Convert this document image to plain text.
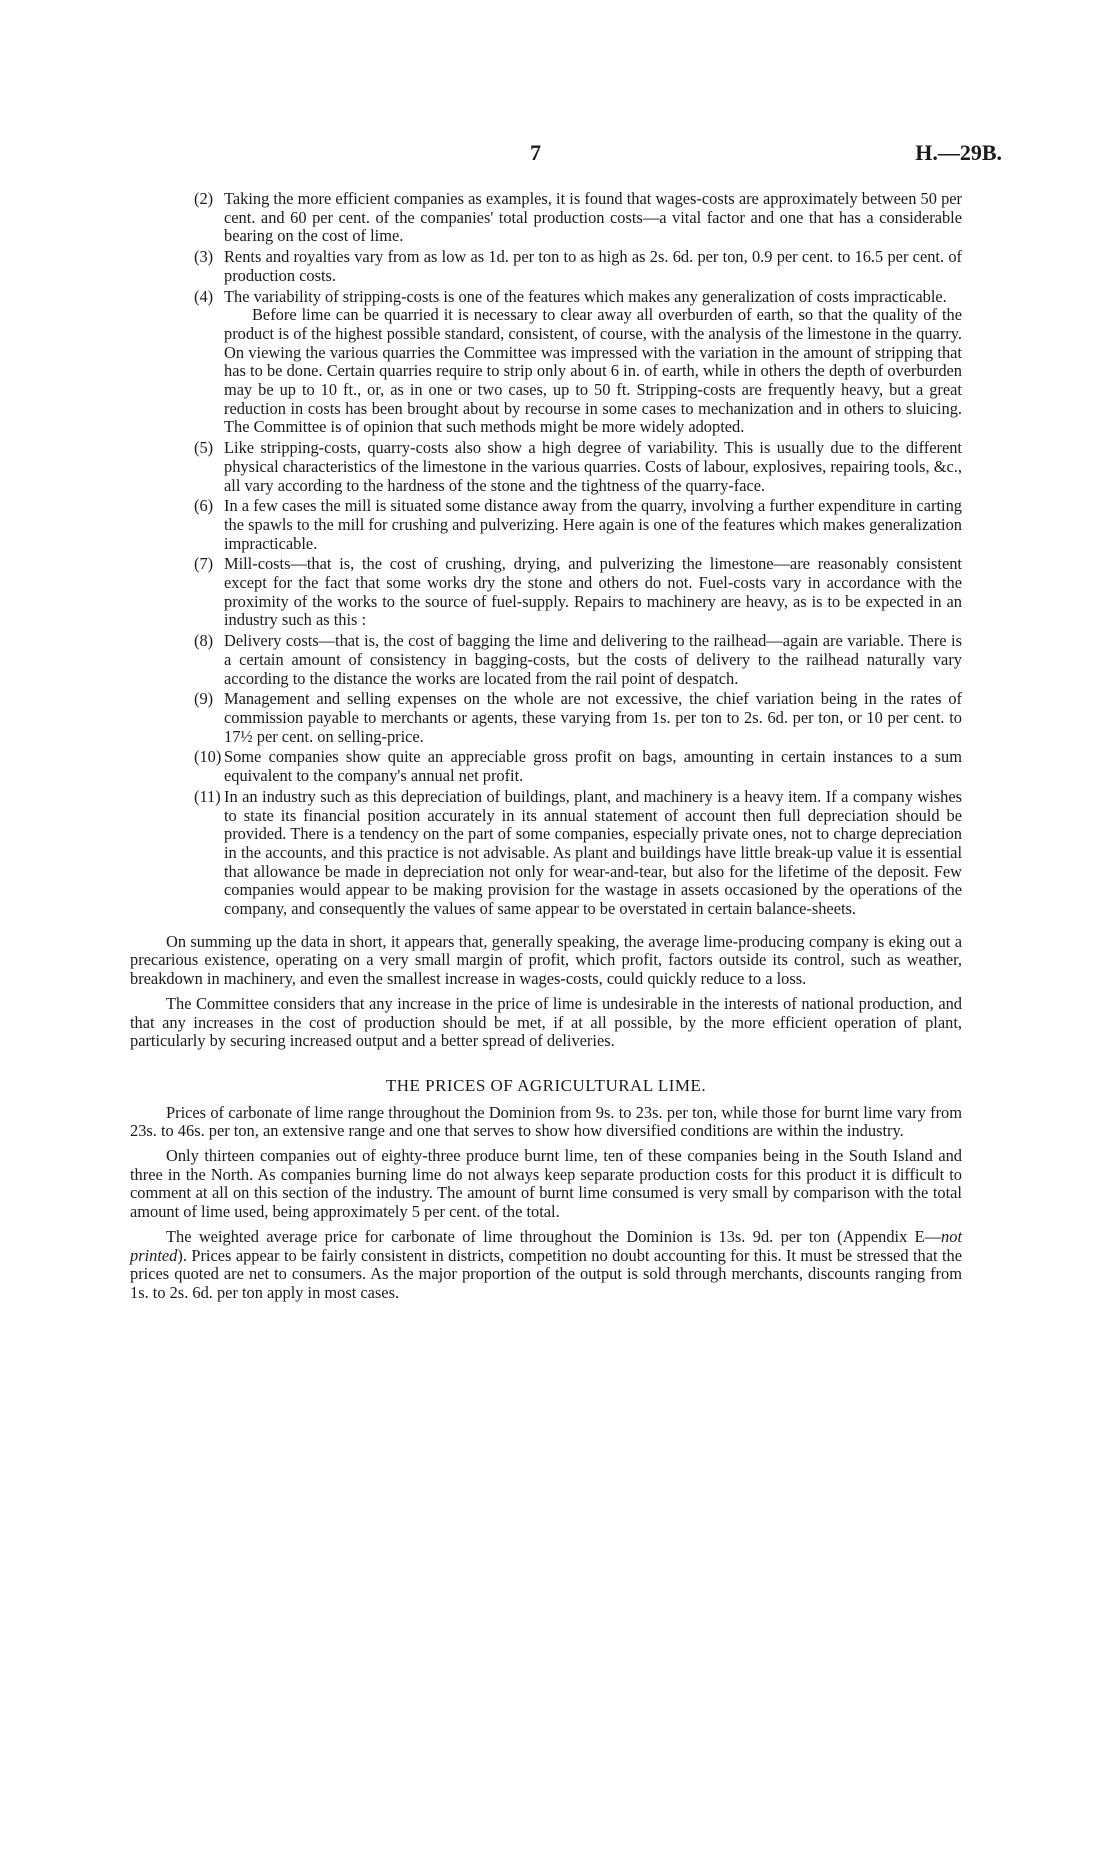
7	H.—29B.
(2) Taking the more efficient companies as examples, it is found that wages-costs are approximately between 50 per cent. and 60 per cent. of the companies' total production costs—a vital factor and one that has a considerable bearing on the cost of lime.

(3) Rents and royalties vary from as low as 1d. per ton to as high as 2s. 6d. per ton, 0.9 per cent. to 16.5 per cent. of production costs.

(4) The variability of stripping-costs is one of the features which makes any generalization of costs impracticable.

Before lime can be quarried it is necessary to clear away all overburden of earth, so that the quality of the product is of the highest possible standard, consistent, of course, with the analysis of the limestone in the quarry. On viewing the various quarries the Committee was impressed with the variation in the amount of stripping that has to be done. Certain quarries require to strip only about 6 in. of earth, while in others the depth of overburden may be up to 10 ft., or, as in one or two cases, up to 50 ft. Stripping-costs are frequently heavy, but a great reduction in costs has been brought about by recourse in some cases to mechanization and in others to sluicing. The Committee is of opinion that such methods might be more widely adopted.

(5) Like stripping-costs, quarry-costs also show a high degree of variability. This is usually due to the different physical characteristics of the limestone in the various quarries. Costs of labour, explosives, repairing tools, &c., all vary according to the hardness of the stone and the tightness of the quarry-face.

(6) In a few cases the mill is situated some distance away from the quarry, involving a further expenditure in carting the spawls to the mill for crushing and pulverizing. Here again is one of the features which makes generalization impracticable.

(7) Mill-costs—that is, the cost of crushing, drying, and pulverizing the limestone—are reasonably consistent except for the fact that some works dry the stone and others do not. Fuel-costs vary in accordance with the proximity of the works to the source of fuel-supply. Repairs to machinery are heavy, as is to be expected in an industry such as this :

(8) Delivery costs—that is, the cost of bagging the lime and delivering to the railhead—again are variable. There is a certain amount of consistency in bagging-costs, but the costs of delivery to the railhead naturally vary according to the distance the works are located from the rail point of despatch.

(9) Management and selling expenses on the whole are not excessive, the chief variation being in the rates of commission payable to merchants or agents, these varying from 1s. per ton to 2s. 6d. per ton, or 10 per cent. to 17½ per cent. on selling-price.

(10) Some companies show quite an appreciable gross profit on bags, amounting in certain instances to a sum equivalent to the company's annual net profit.

(11) In an industry such as this depreciation of buildings, plant, and machinery is a heavy item. If a company wishes to state its financial position accurately in its annual statement of account then full depreciation should be provided. There is a tendency on the part of some companies, especially private ones, not to charge depreciation in the accounts, and this practice is not advisable. As plant and buildings have little break-up value it is essential that allowance be made in depreciation not only for wear-and-tear, but also for the lifetime of the deposit. Few companies would appear to be making provision for the wastage in assets occasioned by the operations of the company, and consequently the values of same appear to be overstated in certain balance-sheets.

On summing up the data in short, it appears that, generally speaking, the average lime-producing company is eking out a precarious existence, operating on a very small margin of profit, which profit, factors outside its control, such as weather, breakdown in machinery, and even the smallest increase in wages-costs, could quickly reduce to a loss.

The Committee considers that any increase in the price of lime is undesirable in the interests of national production, and that any increases in the cost of production should be met, if at all possible, by the more efficient operation of plant, particularly by securing increased output and a better spread of deliveries.

THE PRICES OF AGRICULTURAL LIME.

Prices of carbonate of lime range throughout the Dominion from 9s. to 23s. per ton, while those for burnt lime vary from 23s. to 46s. per ton, an extensive range and one that serves to show how diversified conditions are within the industry.

Only thirteen companies out of eighty-three produce burnt lime, ten of these companies being in the South Island and three in the North. As companies burning lime do not always keep separate production costs for this product it is difficult to comment at all on this section of the industry. The amount of burnt lime consumed is very small by comparison with the total amount of lime used, being approximately 5 per cent. of the total.

The weighted average price for carbonate of lime throughout the Dominion is 13s. 9d. per ton (Appendix E—not printed). Prices appear to be fairly consistent in districts, competition no doubt accounting for this. It must be stressed that the prices quoted are net to consumers. As the major proportion of the output is sold through merchants, discounts ranging from 1s. to 2s. 6d. per ton apply in most cases.
